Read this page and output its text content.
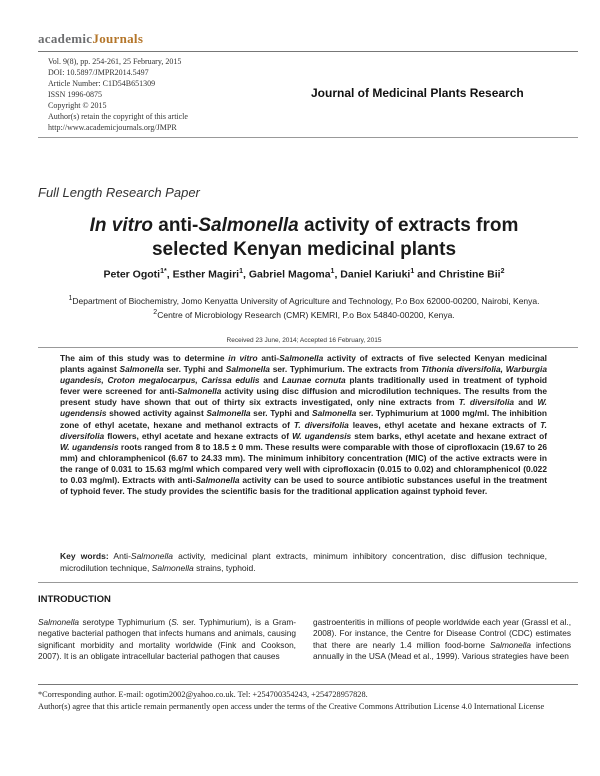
academicJournals
Vol. 9(8), pp. 254-261, 25 February, 2015
DOI: 10.5897/JMPR2014.5497
Article Number: C1D54B651309
ISSN 1996-0875
Copyright © 2015
Author(s) retain the copyright of this article
http://www.academicjournals.org/JMPR
Journal of Medicinal Plants Research
Full Length Research Paper
In vitro anti-Salmonella activity of extracts from
selected Kenyan medicinal plants
Peter Ogoti$^{1*}$, Esther Magiri$^1$, Gabriel Magoma$^1$, Daniel Kariuki$^1$ and Christine Bii$^2$
$^1$Department of Biochemistry, Jomo Kenyatta University of Agriculture and Technology, P.o Box 62000-00200, Nairobi, Kenya.
$^2$Centre of Microbiology Research (CMR) KEMRI, P.o Box 54840-00200, Kenya.
Received 23 June, 2014; Accepted 16 February, 2015
The aim of this study was to determine in vitro anti-Salmonella activity of extracts of five selected Kenyan medicinal plants against Salmonella ser. Typhi and Salmonella ser. Typhimurium. The extracts from Tithonia diversifolia, Warburgia ugandesis, Croton megalocarpus, Carissa edulis and Launae cornuta plants traditionally used in treatment of typhoid fever were screened for anti-Salmonella activity using disc diffusion and microdilution techniques. The results from the present study have shown that out of thirty six extracts investigated, only nine extracts from T. diversifolia and W. ugendensis showed activity against Salmonella ser. Typhi and Salmonella ser. Typhimurium at 1000 mg/ml. The inhibition zone of ethyl acetate, hexane and methanol extracts of T. diversifolia leaves, ethyl acetate and hexane extracts of T. diversifolia flowers, ethyl acetate and hexane extracts of W. ugandensis stem barks, ethyl acetate and hexane extract of W. ugandensis roots ranged from 8 to 18.5 ± 0 mm. These results were comparable with those of ciprofloxacin (19.67 to 26 mm) and chloramphenicol (6.67 to 24.33 mm). The minimum inhibitory concentration (MIC) of the active extracts were in the range of 0.031 to 15.63 mg/ml which compared very well with ciprofloxacin (0.015 to 0.02) and chloramphenicol (0.022 to 0.03 mg/ml). Extracts with anti-Salmonella activity can be used to source antibiotic substances useful in the treatment of typhoid fever. The study provides the scientific basis for the traditional application against typhoid fever.
Key words: Anti-Salmonella activity, medicinal plant extracts, minimum inhibitory concentration, disc diffusion technique, microdilution technique, Salmonella strains, typhoid.
INTRODUCTION
Salmonella serotype Typhimurium (S. ser. Typhimurium), is a Gram-negative bacterial pathogen that infects humans and animals, causing significant morbidity and mortality worldwide (Fink and Cookson, 2007). It is an obligate intracellular bacterial pathogen that causes
gastroenteritis in millions of people worldwide each year (Grassl et al., 2008). For instance, the Centre for Disease Control (CDC) estimates that there are nearly 1.4 million food-borne Salmonella infections annually in the USA (Mead et al., 1999). Various strategies have been
*Corresponding author. E-mail: ogotim2002@yahoo.co.uk. Tel: +254700354243, +254728957828.
Author(s) agree that this article remain permanently open access under the terms of the Creative Commons Attribution License 4.0 International License
